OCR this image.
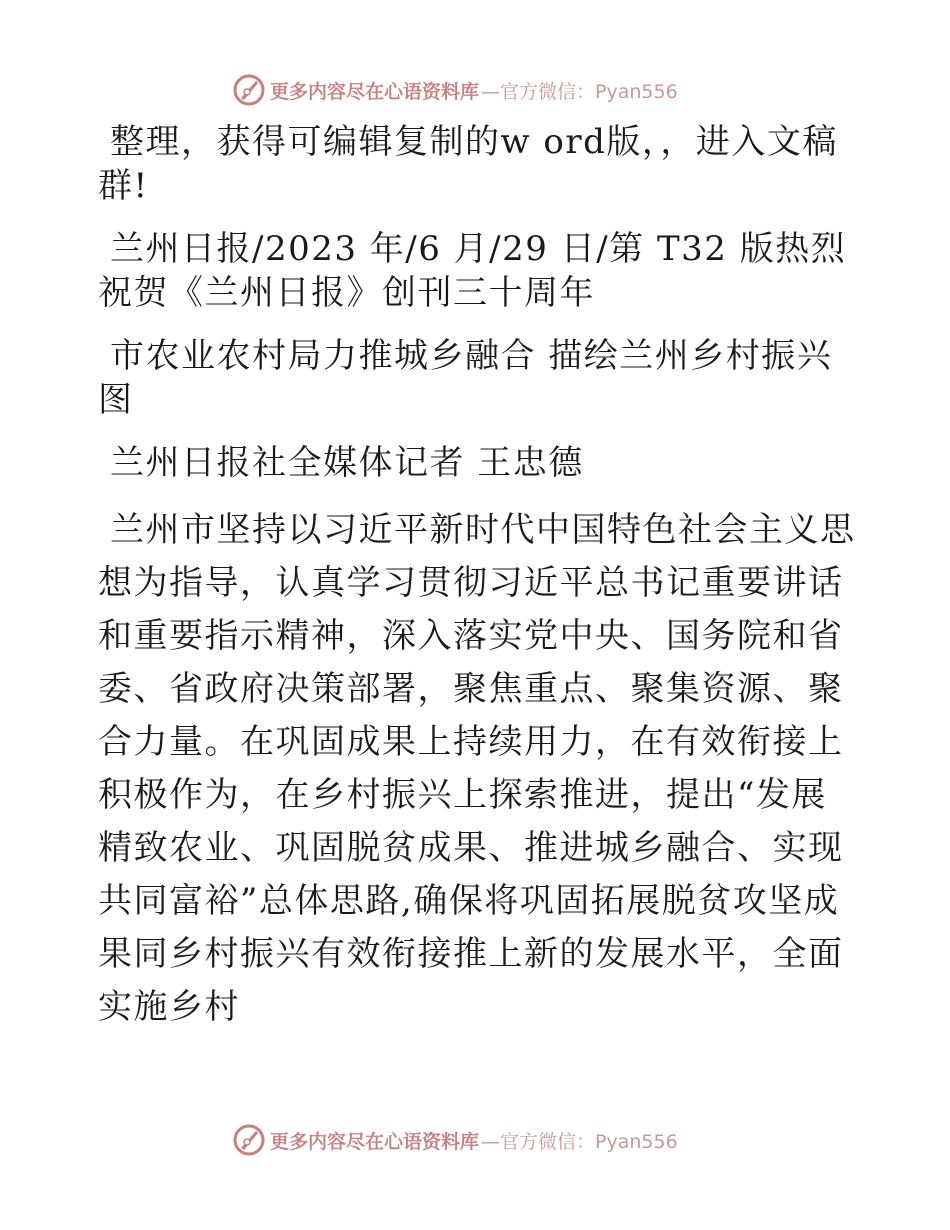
更多内容尽在心语资料库 —官方微信：Pyan556

整理，获得可编辑复制的w ord版，，进入文稿群!

兰州日报/2023 年/6 月/29 日/第 T32 版热烈祝贺《兰州日报》创刊三十周年

市农业农村局力推城乡融合 描绘兰州乡村振兴图

兰州日报社全媒体记者 王忠德

兰州市坚持以习近平新时代中国特色社会主义思想为指导，认真学习贯彻习近平总书记重要讲话和重要指示精神，深入落实党中央、国务院和省委、省政府决策部署，聚焦重点、聚集资源、聚合力量。在巩固成果上持续用力，在有效衔接上积极作为，在乡村振兴上探索推进，提出“发展精致农业、巩固脱贫成果、推进城乡融合、实现共同富裕”总体思路,确保将巩固拓展脱贫攻坚成果同乡村振兴有效衔接推上新的发展水平，全面实施乡村

更多内容尽在心语资料库 —官方微信：Pyan556
